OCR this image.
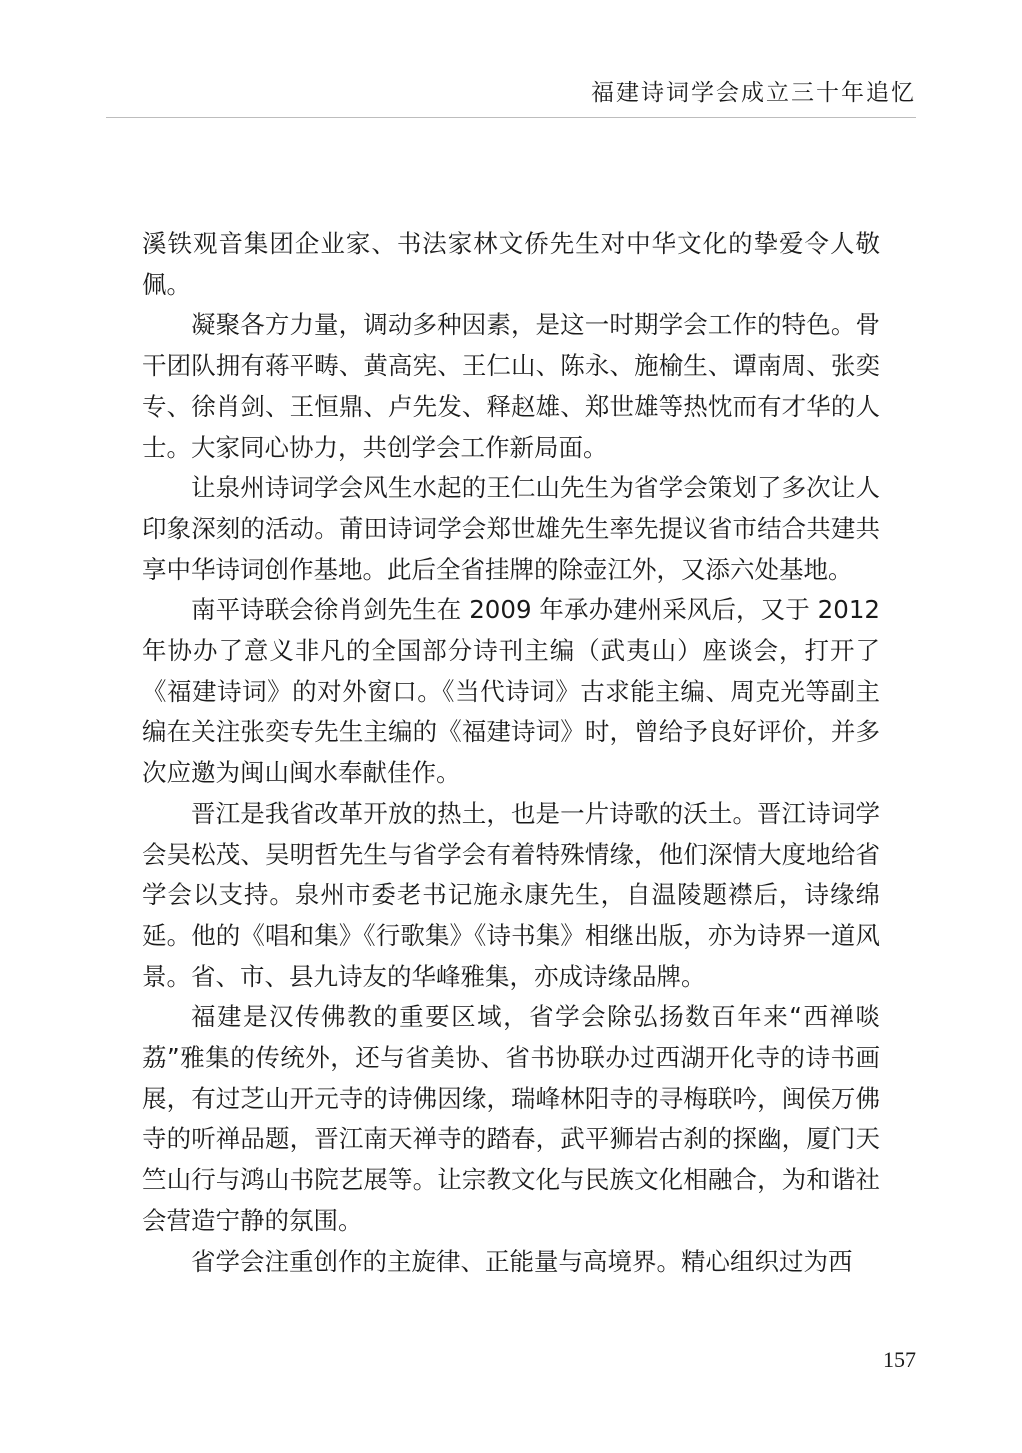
福建诗词学会成立三十年追忆

溪铁观音集团企业家、书法家林文侨先生对中华文化的挚爱令人敬佩。

凝聚各方力量，调动多种因素，是这一时期学会工作的特色。骨干团队拥有蒋平畴、黄高宪、王仁山、陈永、施榆生、谭南周、张奕专、徐肖剑、王恒鼎、卢先发、释赵雄、郑世雄等热忱而有才华的人士。大家同心协力，共创学会工作新局面。

让泉州诗词学会风生水起的王仁山先生为省学会策划了多次让人印象深刻的活动。莆田诗词学会郑世雄先生率先提议省市结合共建共享中华诗词创作基地。此后全省挂牌的除壶江外，又添六处基地。

南平诗联会徐肖剑先生在 2009 年承办建州采风后，又于 2012 年协办了意义非凡的全国部分诗刊主编（武夷山）座谈会，打开了《福建诗词》的对外窗口。《当代诗词》古求能主编、周克光等副主编在关注张奕专先生主编的《福建诗词》时，曾给予良好评价，并多次应邀为闽山闽水奉献佳作。

晋江是我省改革开放的热土，也是一片诗歌的沃土。晋江诗词学会吴松茂、吴明哲先生与省学会有着特殊情缘，他们深情大度地给省学会以支持。泉州市委老书记施永康先生，自温陵题襟后，诗缘绵延。他的《唱和集》《行歌集》《诗书集》相继出版，亦为诗界一道风景。省、市、县九诗友的华峰雅集，亦成诗缘品牌。

福建是汉传佛教的重要区域，省学会除弘扬数百年来“西禅啖荔”雅集的传统外，还与省美协、省书协联办过西湖开化寺的诗书画展，有过芝山开元寺的诗佛因缘，瑞峰林阳寺的寻梅联吟，闽侯万佛寺的听禅品题，晋江南天禅寺的踏春，武平狮岩古刹的探幽，厦门天竺山行与鸿山书院艺展等。让宗教文化与民族文化相融合，为和谐社会营造宁静的氛围。

省学会注重创作的主旋律、正能量与高境界。精心组织过为西

157
